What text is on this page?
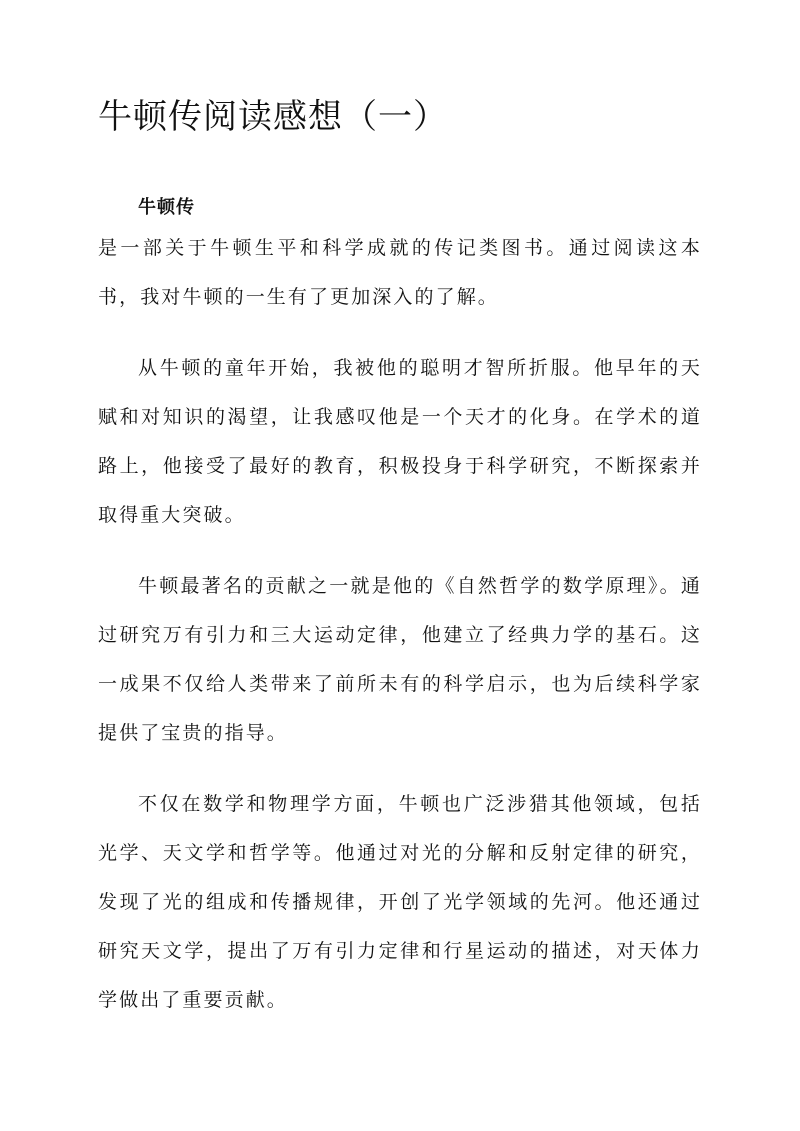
牛顿传阅读感想（一）
牛顿传

是一部关于牛顿生平和科学成就的传记类图书。通过阅读这本书，我对牛顿的一生有了更加深入的了解。

从牛顿的童年开始，我被他的聪明才智所折服。他早年的天赋和对知识的渴望，让我感叹他是一个天才的化身。在学术的道路上，他接受了最好的教育，积极投身于科学研究，不断探索并取得重大突破。

牛顿最著名的贡献之一就是他的《自然哲学的数学原理》。通过研究万有引力和三大运动定律，他建立了经典力学的基石。这一成果不仅给人类带来了前所未有的科学启示，也为后续科学家提供了宝贵的指导。

不仅在数学和物理学方面，牛顿也广泛涉猎其他领域，包括光学、天文学和哲学等。他通过对光的分解和反射定律的研究，发现了光的组成和传播规律，开创了光学领域的先河。他还通过研究天文学，提出了万有引力定律和行星运动的描述，对天体力学做出了重要贡献。
